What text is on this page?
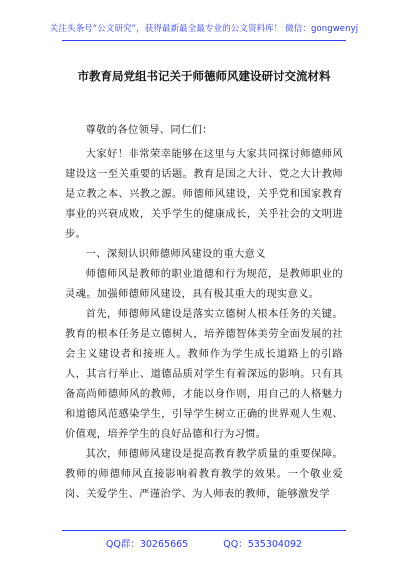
关注头条号“公文研究”，获得最新最全最专业的公文资料库！ 微信：gongwenyj
市教育局党组书记关于师德师风建设研讨交流材料

尊敬的各位领导、同仁们：

大家好！非常荣幸能够在这里与大家共同探讨师德师风建设这一至关重要的话题。教育是国之大计、党之大计教师是立教之本、兴教之源。师德师风建设，关乎党和国家教育事业的兴衰成败，关乎学生的健康成长，关乎社会的文明进步。

一、深刻认识师德师风建设的重大意义

师德师风是教师的职业道德和行为规范，是教师职业的灵魂。加强师德师风建设，具有极其重大的现实意义。

首先，师德师风建设是落实立德树人根本任务的关键。教育的根本任务是立德树人，培养德智体美劳全面发展的社会主义建设者和接班人。教师作为学生成长道路上的引路人，其言行举止、道德品质对学生有着深远的影响。只有具备高尚师德师风的教师，才能以身作则，用自己的人格魅力和道德风范感染学生，引导学生树立正确的世界观人生观、价值观，培养学生的良好品德和行为习惯。

其次，师德师风建设是提高教育教学质量的重要保障。教师的师德师风直接影响着教育教学的效果。一个敬业爱岗、关爱学生、严谨治学、为人师表的教师，能够激发学

QQ群：30265665	QQ：535304092
